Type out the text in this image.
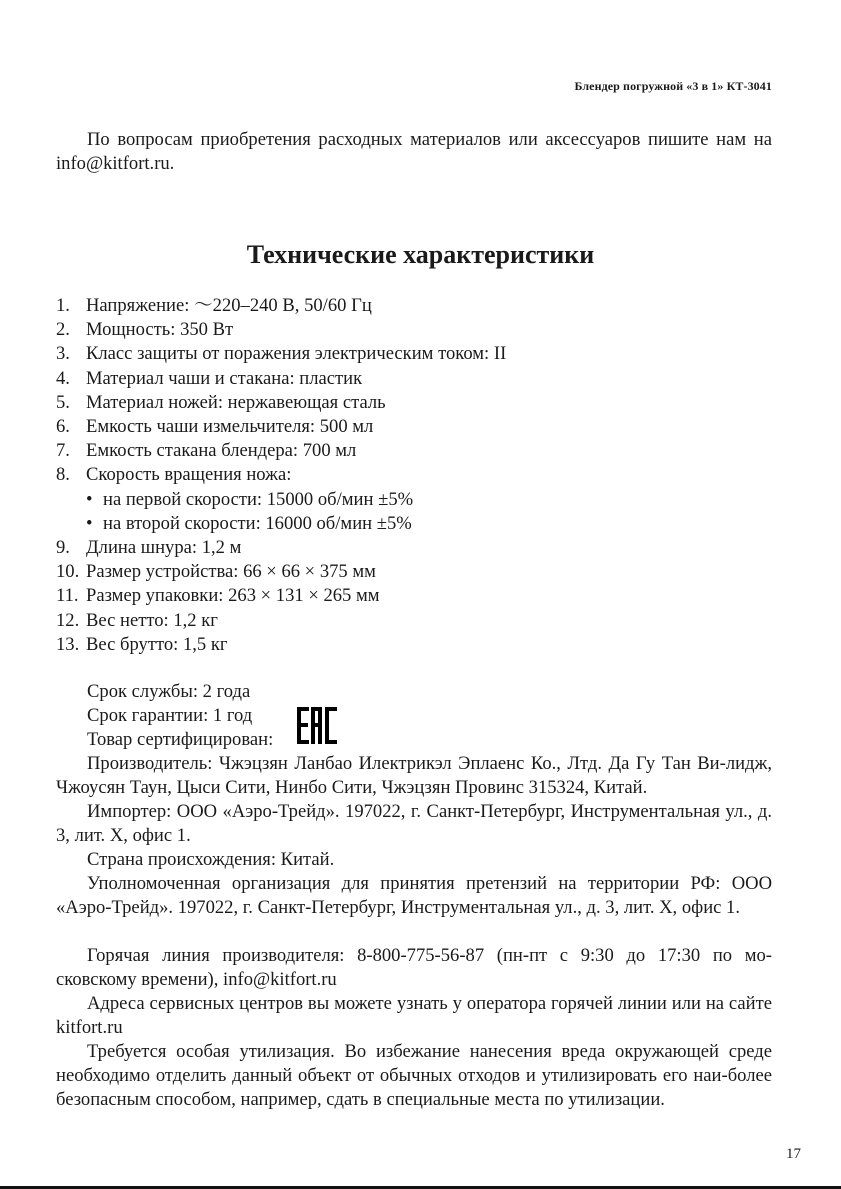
Блендер погружной «3 в 1» КТ-3041

По вопросам приобретения расходных материалов или аксессуаров пишите нам на info@kitfort.ru.

Технические характеристики
1. Напряжение: ～220–240 В, 50/60 Гц
2. Мощность: 350 Вт
3. Класс защиты от поражения электрическим током: II
4. Материал чаши и стакана: пластик
5. Материал ножей: нержавеющая сталь
6. Емкость чаши измельчителя: 500 мл
7. Емкость стакана блендера: 700 мл
8. Скорость вращения ножа:
• на первой скорости: 15000 об/мин ±5%
• на второй скорости: 16000 об/мин ±5%
9. Длина шнура: 1,2 м
10. Размер устройства: 66 × 66 × 375 мм
11. Размер упаковки: 263 × 131 × 265 мм
12. Вес нетто: 1,2 кг
13. Вес брутто: 1,5 кг
Срок службы: 2 года
Срок гарантии: 1 год
Товар сертифицирован:

Производитель: Чжэцзян Ланбао Илектрикэл Эплаенс Ко., Лтд. Да Гу Тан Ви-лидж, Чжоусян Таун, Цыси Сити, Нинбо Сити, Чжэцзян Провинс 315324, Китай.

Импортер: ООО «Аэро-Трейд». 197022, г. Санкт-Петербург, Инструментальная ул., д. 3, лит. Х, офис 1.

Страна происхождения: Китай.

Уполномоченная организация для принятия претензий на территории РФ: ООО «Аэро-Трейд». 197022, г. Санкт-Петербург, Инструментальная ул., д. 3, лит. Х, офис 1.

Горячая линия производителя: 8-800-775-56-87 (пн-пт с 9:30 до 17:30 по мо-сковскому времени), info@kitfort.ru

Адреса сервисных центров вы можете узнать у оператора горячей линии или на сайте kitfort.ru

Требуется особая утилизация. Во избежание нанесения вреда окружающей среде необходимо отделить данный объект от обычных отходов и утилизировать его наи-более безопасным способом, например, сдать в специальные места по утилизации.

17
